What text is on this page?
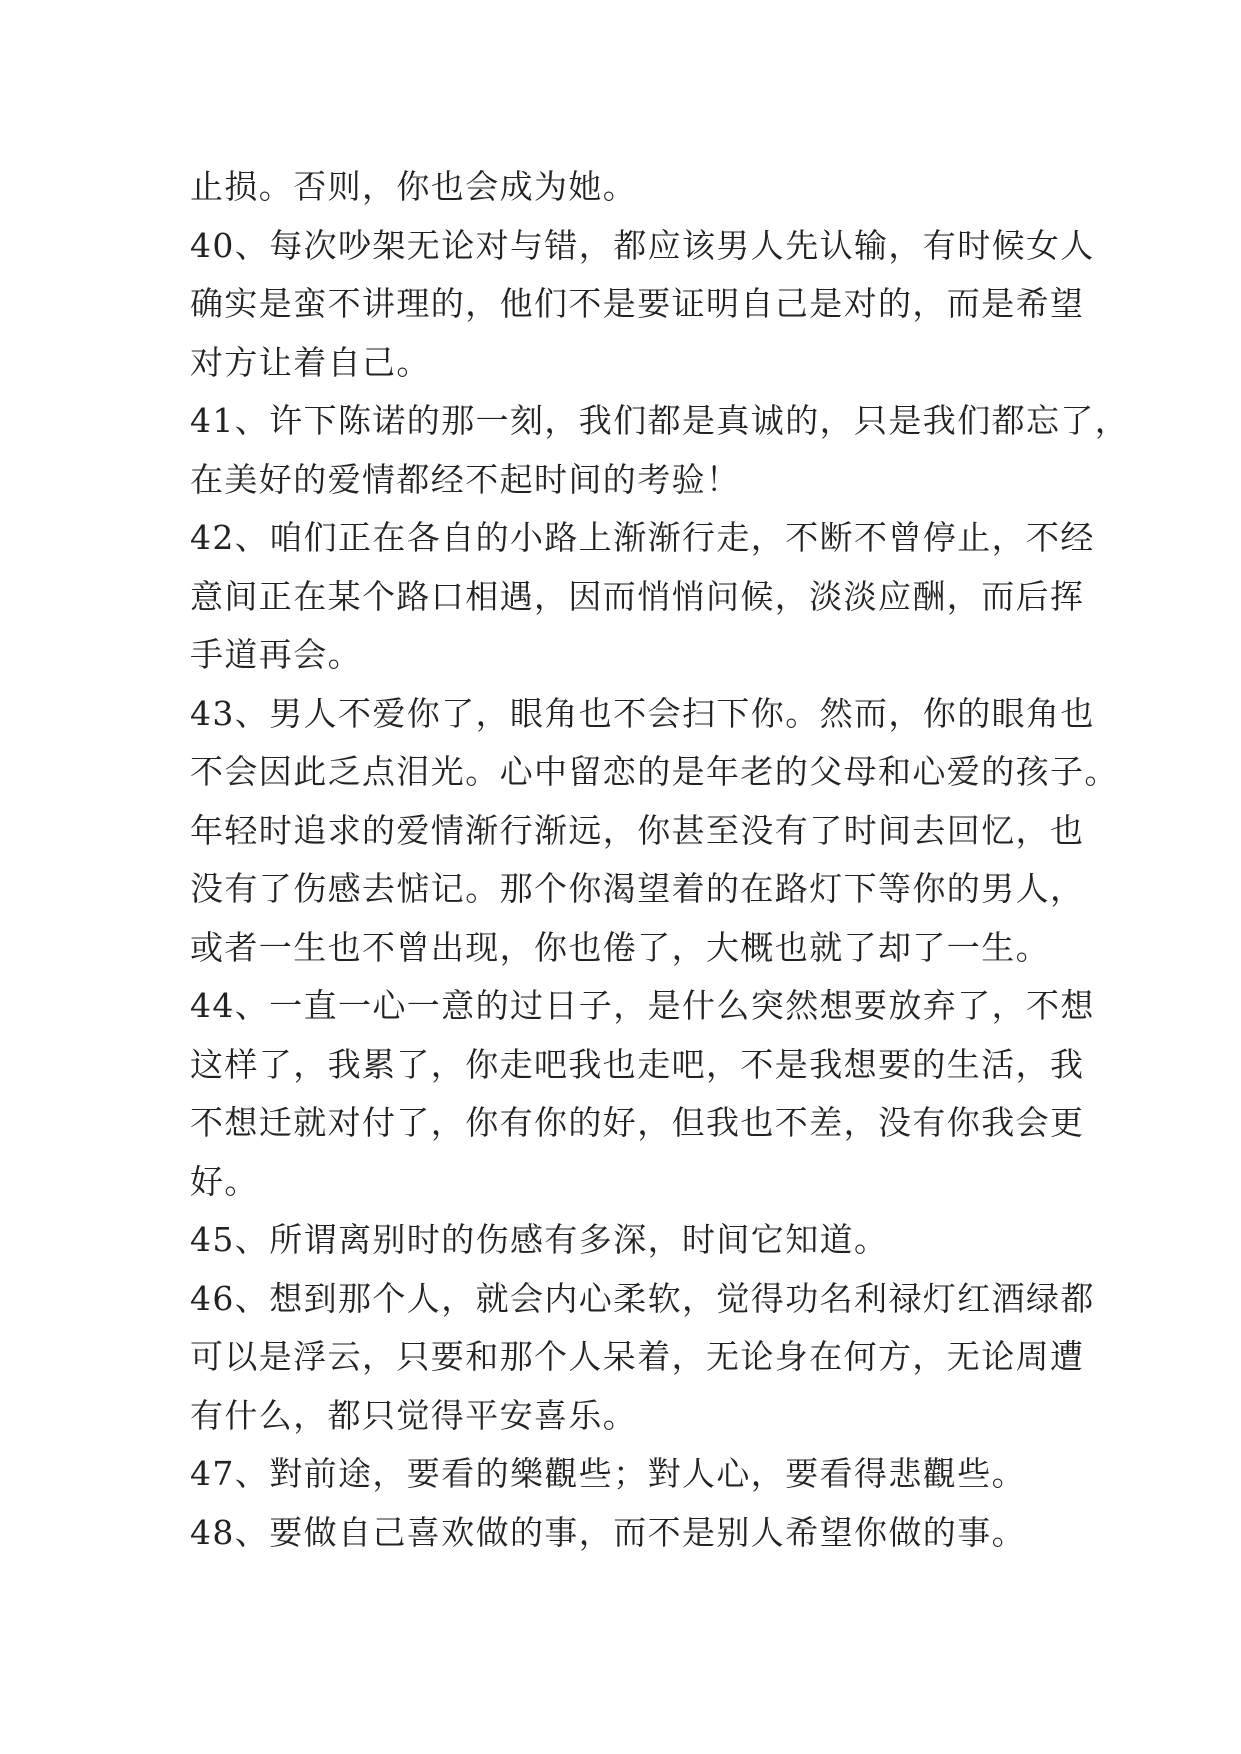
止损。否则，你也会成为她。
40、每次吵架无论对与错，都应该男人先认输，有时候女人
确实是蛮不讲理的，他们不是要证明自己是对的，而是希望
对方让着自己。
41、许下陈诺的那一刻，我们都是真诚的，只是我们都忘了，
在美好的爱情都经不起时间的考验！
42、咱们正在各自的小路上渐渐行走，不断不曾停止，不经
意间正在某个路口相遇，因而悄悄问候，淡淡应酬，而后挥
手道再会。
43、男人不爱你了，眼角也不会扫下你。然而，你的眼角也
不会因此乏点泪光。心中留恋的是年老的父母和心爱的孩子。
年轻时追求的爱情渐行渐远，你甚至没有了时间去回忆，也
没有了伤感去惦记。那个你渴望着的在路灯下等你的男人，
或者一生也不曾出现，你也倦了，大概也就了却了一生。
44、一直一心一意的过日子，是什么突然想要放弃了，不想
这样了，我累了，你走吧我也走吧，不是我想要的生活，我
不想迁就对付了，你有你的好，但我也不差，没有你我会更
好。
45、所谓离别时的伤感有多深，时间它知道。
46、想到那个人，就会内心柔软，觉得功名利禄灯红酒绿都
可以是浮云，只要和那个人呆着，无论身在何方，无论周遭
有什么，都只觉得平安喜乐。
47、對前途，要看的樂觀些；對人心，要看得悲觀些。
48、要做自己喜欢做的事，而不是别人希望你做的事。
